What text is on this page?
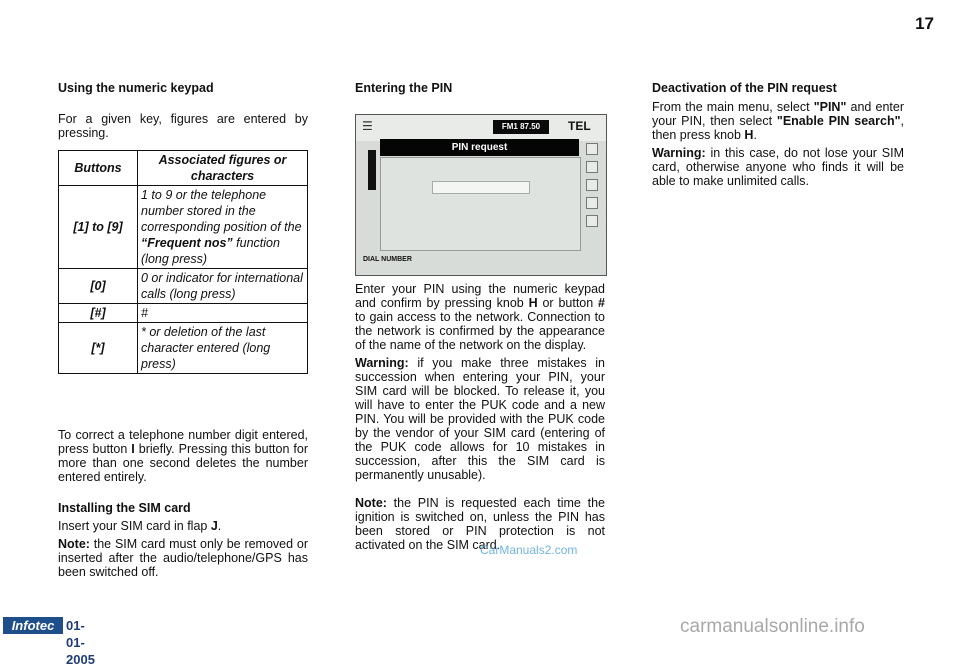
17
Using the numeric keypad

For a given key, figures are entered by pressing.

Buttons	Associated figures or characters
[1] to [9]	1 to 9 or the telephone number stored in the corresponding position of the “Frequent nos” function (long press)
[0]	0 or indicator for international calls (long press)
[#]	#
[*]	* or deletion of the last character entered (long press)

To correct a telephone number digit entered, press button I briefly. Pressing this button for more than one second deletes the number entered entirely.

Installing the SIM card

Insert your SIM card in flap J.

Note: the SIM card must only be removed or inserted after the audio/telephone/GPS has been switched off.

Entering the PIN
☰	FM1 87.50	TEL
PIN request
DIAL NUMBER

Enter your PIN using the numeric keypad and confirm by pressing knob H or button # to gain access to the network. Connection to the network is confirmed by the appearance of the name of the network on the display.

Warning: if you make three mistakes in succession when entering your PIN, your SIM card will be blocked. To release it, you will have to enter the PUK code and a new PIN. You will be provided with the PUK code by the vendor of your SIM card (entering of the PUK code allows for 10 mistakes in succession, after this the SIM card is permanently unusable).

Note: the PIN is requested each time the ignition is switched on, unless the PIN has been stored or PIN protection is not activated on the SIM card.

Deactivation of the PIN request

From the main menu, select "PIN" and enter your PIN, then select "Enable PIN search", then press knob H.

Warning: in this case, do not lose your SIM card, otherwise anyone who finds it will be able to make unlimited calls.

Infotec 01-01-2005
CarManuals2.com
carmanualsonline.info
